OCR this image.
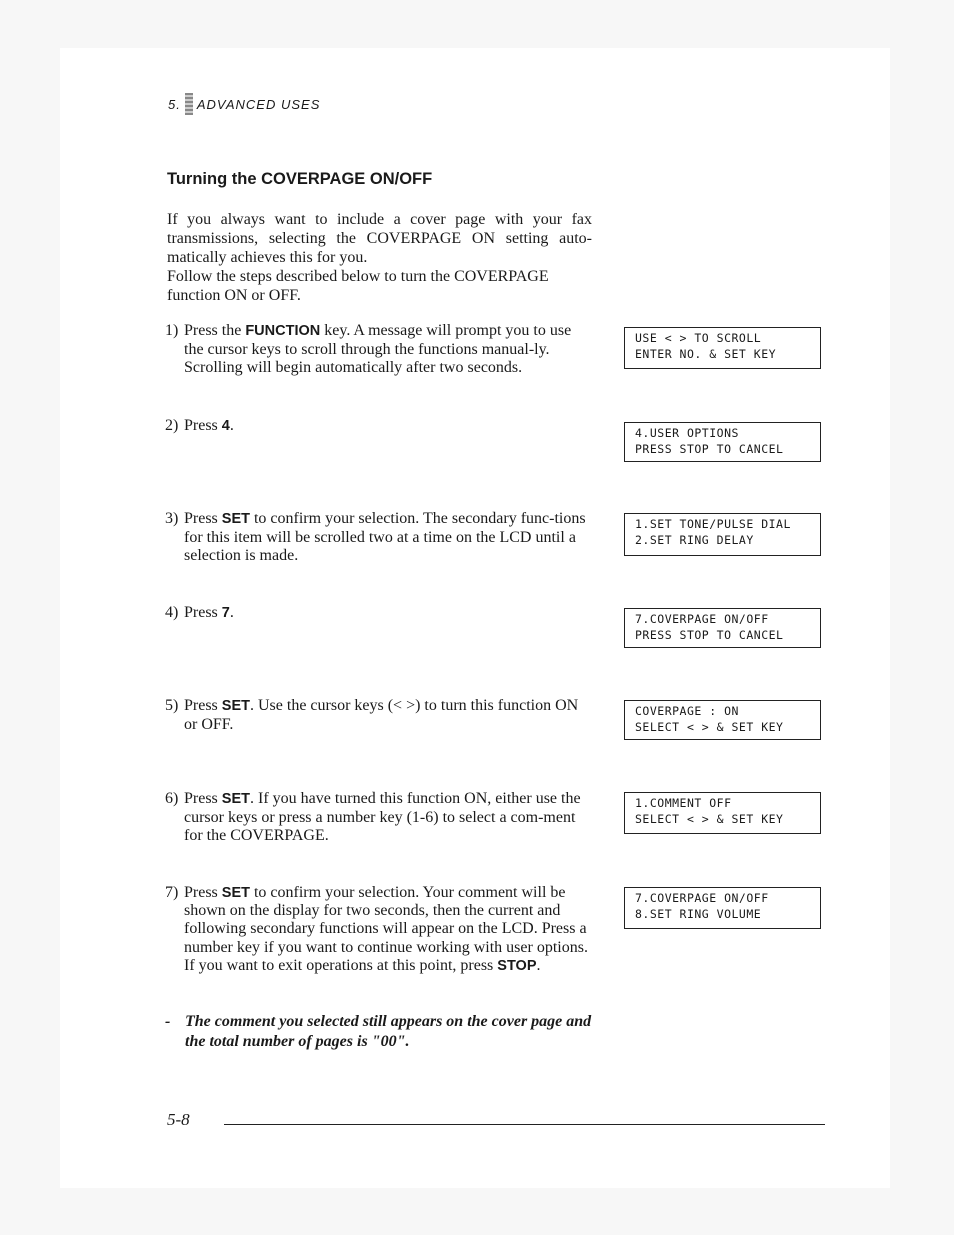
5. ADVANCED USES
Turning the COVERPAGE ON/OFF

If you always want to include a cover page with your fax transmissions, selecting the COVERPAGE ON setting auto-matically achieves this for you.

Follow the steps described below to turn the COVERPAGE function ON or OFF.

1) Press the FUNCTION key. A message will prompt you to use the cursor keys to scroll through the functions manual-ly. Scrolling will begin automatically after two seconds.
USE < > TO SCROLL
ENTER NO. & SET KEY
2) Press 4.	4.USER OPTIONS
PRESS STOP TO CANCEL
3) Press SET to confirm your selection. The secondary func-tions for this item will be scrolled two at a time on the LCD until a selection is made.
1.SET TONE/PULSE DIAL
2.SET RING DELAY
4) Press 7.	7.COVERPAGE ON/OFF
PRESS STOP TO CANCEL
5) Press SET. Use the cursor keys (< >) to turn this function ON or OFF.
COVERPAGE : ON
SELECT < > & SET KEY
6) Press SET. If you have turned this function ON, either use the cursor keys or press a number key (1-6) to select a com-ment for the COVERPAGE.
1.COMMENT OFF
SELECT < > & SET KEY
7) Press SET to confirm your selection. Your comment will be shown on the display for two seconds, then the current and following secondary functions will appear on the LCD. Press a number key if you want to continue working with user options. If you want to exit operations at this point, press STOP.
7.COVERPAGE ON/OFF
8.SET RING VOLUME
- The comment you selected still appears on the cover page and the total number of pages is "00".
5-8
